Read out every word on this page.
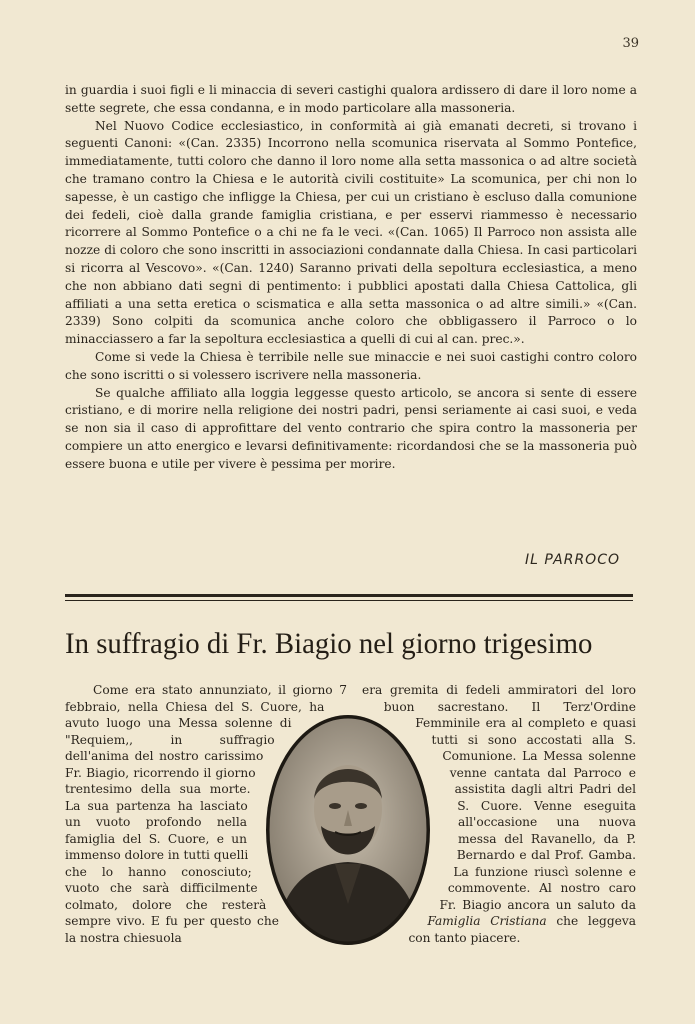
39

in guardia i suoi figli e li minaccia di severi castighi qualora ardissero di dare il loro nome a sette segrete, che essa condanna, e in modo particolare alla massoneria.

Nel Nuovo Codice ecclesiastico, in conformità ai già emanati decreti, si trovano i seguenti Canoni: «(Can. 2335) Incorrono nella scomunica riservata al Sommo Pontefice, immediatamente, tutti coloro che danno il loro nome alla setta massonica o ad altre società che tramano contro la Chiesa e le autorità civili costituite» La scomunica, per chi non lo sapesse, è un castigo che infligge la Chiesa, per cui un cristiano è escluso dalla comunione dei fedeli, cioè dalla grande famiglia cristiana, e per esservi riammesso è necessario ricorrere al Sommo Pontefice o a chi ne fa le veci. «(Can. 1065) Il Parroco non assista alle nozze di coloro che sono inscritti in associazioni condannate dalla Chiesa. In casi particolari si ricorra al Vescovo». «(Can. 1240) Saranno privati della sepoltura ecclesiastica, a meno che non abbiano dati segni di pentimento: i pubblici apostati dalla Chiesa Cattolica, gli affiliati a una setta eretica o scismatica e alla setta massonica o ad altre simili.» «(Can. 2339) Sono colpiti da scomunica anche coloro che obbligassero il Parroco o lo minacciassero a far la sepoltura ecclesiastica a quelli di cui al can. prec.».

Come si vede la Chiesa è terribile nelle sue minaccie e nei suoi castighi contro coloro che sono iscritti o si volessero iscrivere nella massoneria.

Se qualche affiliato alla loggia leggesse questo articolo, se ancora si sente di essere cristiano, e di morire nella religione dei nostri padri, pensi seriamente ai casi suoi, e veda se non sia il caso di approfittare del vento contrario che spira contro la massoneria per compiere un atto energico e levarsi definitivamente: ricordandosi che se la massoneria può essere buona e utile per vivere è pessima per morire.

IL PARROCO
In suffragio di Fr. Biagio nel giorno trigesimo

Come era stato annunziato, il giorno 7 febbraio, nella Chiesa del S. Cuore, ha avuto luogo una Messa solenne di "Requiem,, in suffragio dell'anima del nostro carissimo Fr. Biagio, ricorrendo il giorno trentesimo della sua morte. La sua partenza ha lasciato un vuoto profondo nella famiglia del S. Cuore, e un immenso dolore in tutti quelli che lo hanno conosciuto; vuoto che sarà difficilmente colmato, dolore che resterà sempre vivo. E fu per questo che la nostra chiesuola

era gremita di fedeli ammiratori del loro buon sacrestano. Il Terz'Ordine Femminile era al completo e quasi tutti si sono accostati alla S. Comunione. La Messa solenne venne cantata dal Parroco e assistita dagli altri Padri del S. Cuore. Venne eseguita all'occasione una nuova messa del Ravanello, da P. Bernardo e dal Prof. Gamba. La funzione riuscì solenne e commovente. Al nostro caro Fr. Biagio ancora un saluto da Famiglia Cristiana che leggeva con tanto piacere.
